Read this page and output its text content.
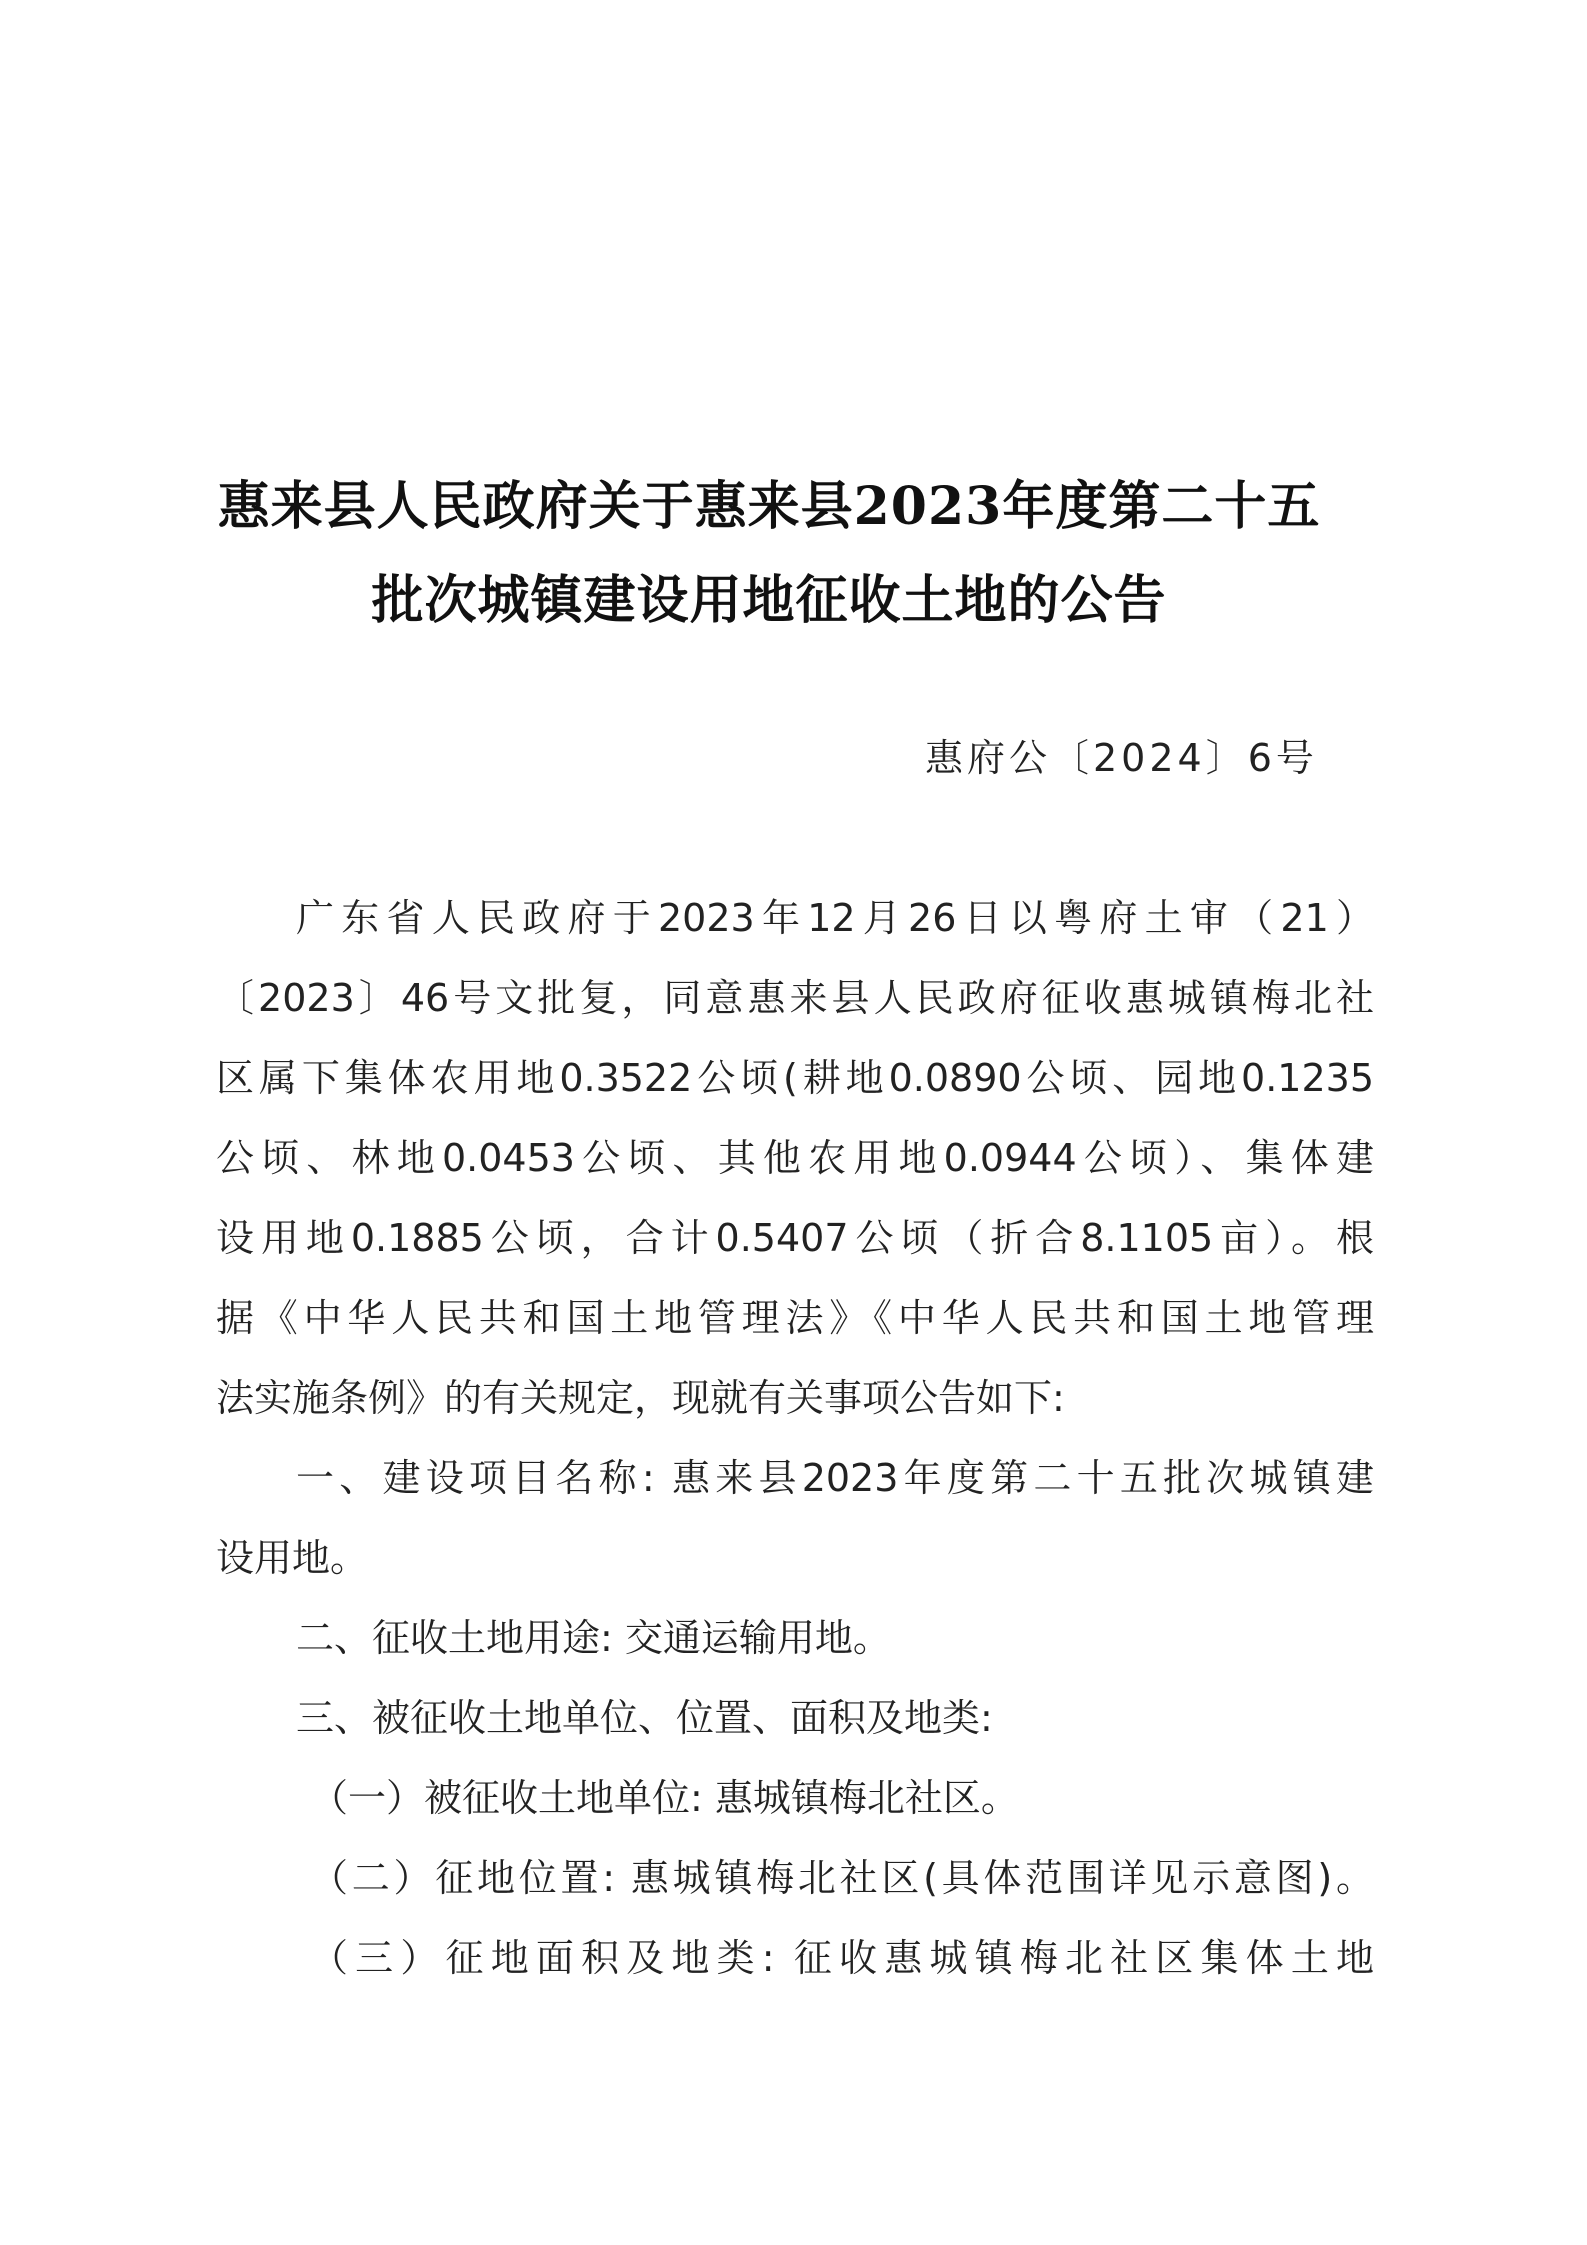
惠来县人民政府关于惠来县2023年度第二十五
批次城镇建设用地征收土地的公告
惠府公〔2024〕6号
广东省人民政府于2023年12月26日以粤府土审（21）
〔2023〕46号文批复，同意惠来县人民政府征收惠城镇梅北社
区属下集体农用地0.3522公顷(耕地0.0890公顷、园地0.1235
公顷、林地0.0453公顷、其他农用地0.0944公顷）、集体建
设用地0.1885公顷，合计0.5407公顷（折合8.1105亩）。根
据《中华人民共和国土地管理法》《中华人民共和国土地管理
法实施条例》的有关规定，现就有关事项公告如下:
一、建设项目名称: 惠来县2023年度第二十五批次城镇建
设用地。
二、征收土地用途: 交通运输用地。
三、被征收土地单位、位置、面积及地类:
（一）被征收土地单位: 惠城镇梅北社区。
（二）征地位置: 惠城镇梅北社区(具体范围详见示意图)。
（三）征地面积及地类: 征收惠城镇梅北社区集体土地
